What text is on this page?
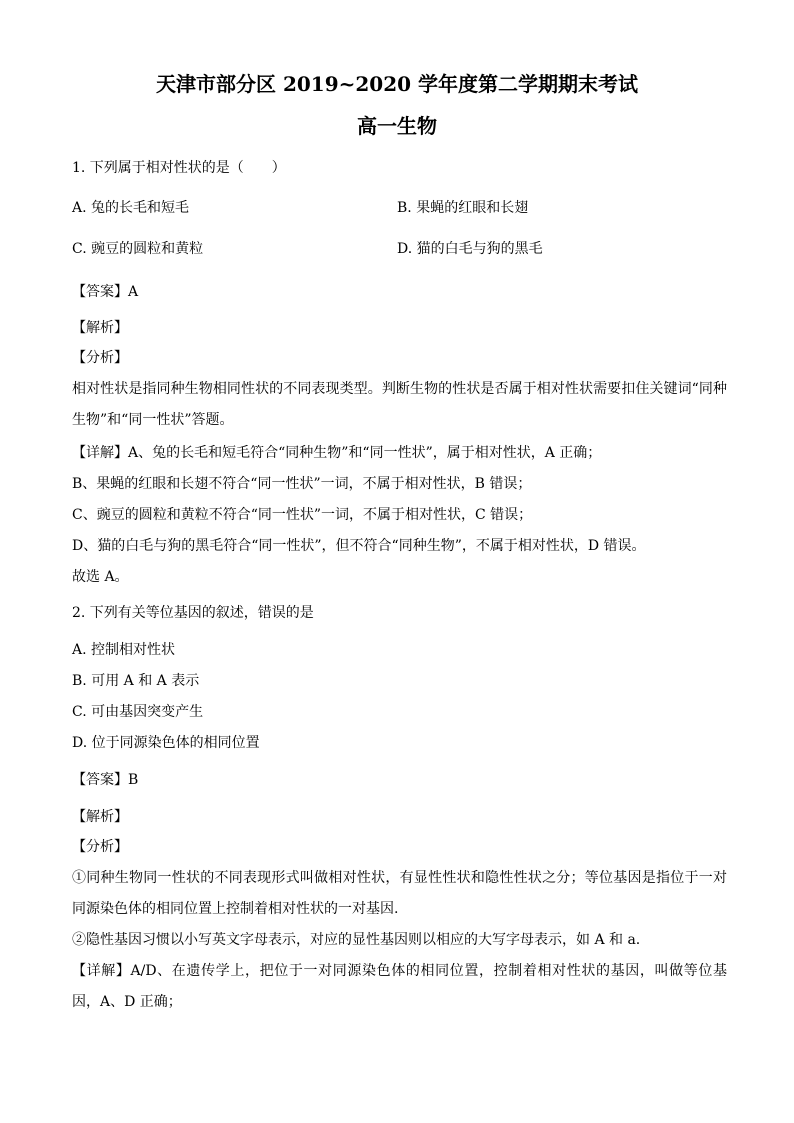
天津市部分区 2019~2020 学年度第二学期期末考试
高一生物
1. 下列属于相对性状的是（　　）
A. 兔的长毛和短毛	B. 果蝇的红眼和长翅
C. 豌豆的圆粒和黄粒	D. 猫的白毛与狗的黑毛
【答案】A
【解析】
【分析】
相对性状是指同种生物相同性状的不同表现类型。判断生物的性状是否属于相对性状需要扣住关键词“同种生物”和“同一性状”答题。
【详解】A、兔的长毛和短毛符合“同种生物”和“同一性状”，属于相对性状，A 正确；
B、果蝇的红眼和长翅不符合“同一性状”一词，不属于相对性状，B 错误；
C、豌豆的圆粒和黄粒不符合“同一性状”一词，不属于相对性状，C 错误；
D、猫的白毛与狗的黑毛符合“同一性状”，但不符合“同种生物”，不属于相对性状，D 错误。
故选 A。
2. 下列有关等位基因的叙述，错误的是
A. 控制相对性状
B. 可用 A 和 A 表示
C. 可由基因突变产生
D. 位于同源染色体的相同位置
【答案】B
【解析】
【分析】
①同种生物同一性状的不同表现形式叫做相对性状，有显性性状和隐性性状之分；等位基因是指位于一对同源染色体的相同位置上控制着相对性状的一对基因.
②隐性基因习惯以小写英文字母表示，对应的显性基因则以相应的大写字母表示，如 A 和 a.
【详解】A/D、在遗传学上，把位于一对同源染色体的相同位置，控制着相对性状的基因，叫做等位基因，A、D 正确；
